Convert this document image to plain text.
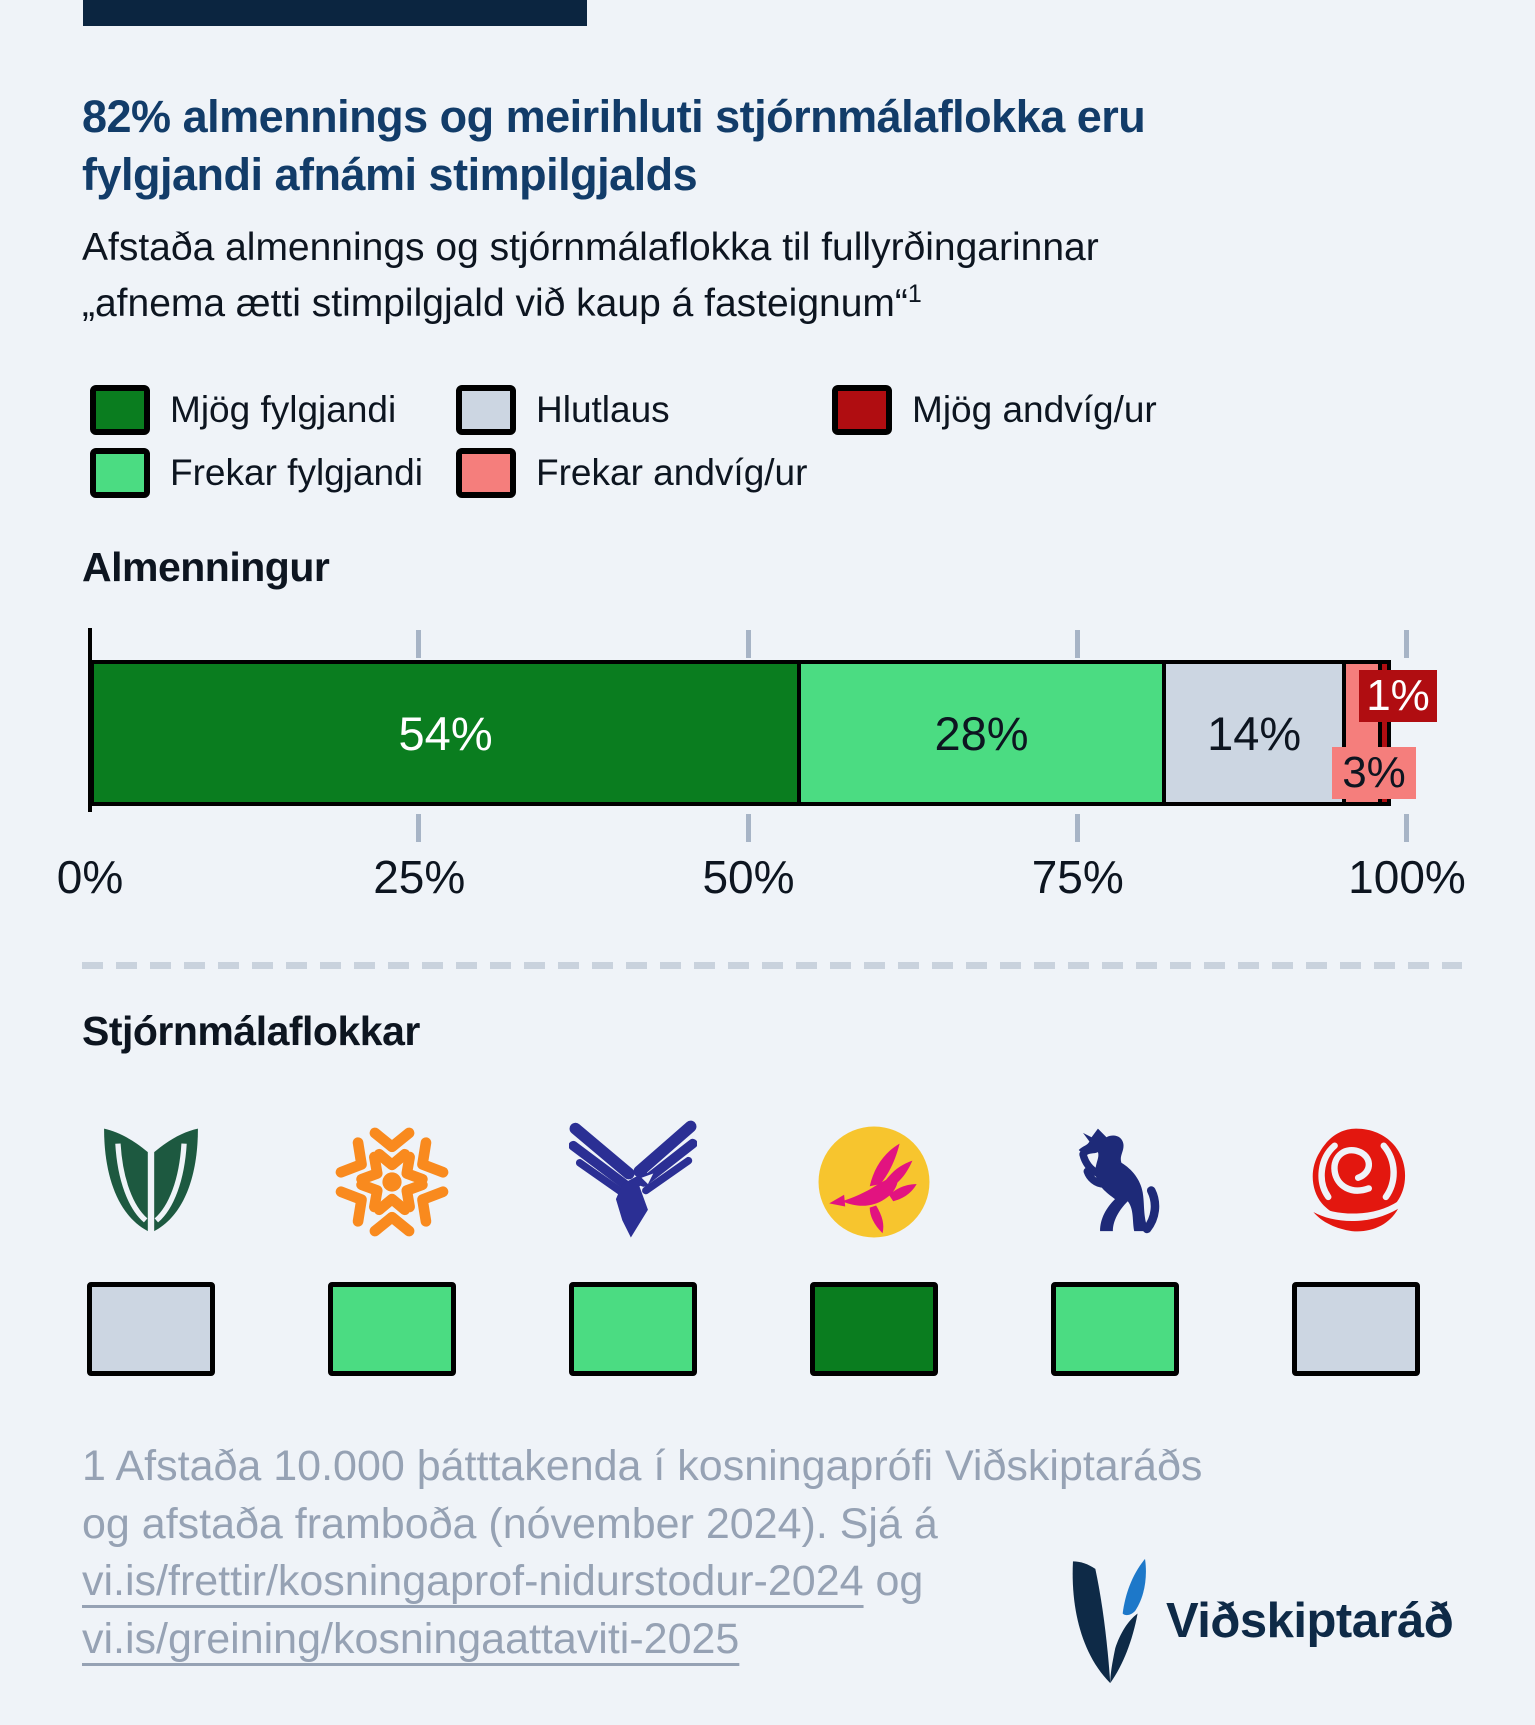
82% almennings og meirihluti stjórnmálaflokka eru
fylgjandi afnámi stimpilgjalds
Afstaða almennings og stjórnmálaflokka til fullyrðingarinnar
„afnema ætti stimpilgjald við kaup á fasteignum“$^1$
Mjög fylgjandi
Frekar fylgjandi
Hlutlaus
Frekar andvíg/ur
Mjög andvíg/ur
Almenningur
54%	28%	14%
1%
3%
0%	25%	50%	75%	100%
Stjórnmálaflokkar
1 Afstaða 10.000 þátttakenda í kosningaprófi Viðskiptaráðs
og afstaða framboða (nóvember 2024). Sjá á
vi.is/frettir/kosningaprof-nidurstodur-2024 og
vi.is/greining/kosningaattaviti-2025	Viðskiptaráð
